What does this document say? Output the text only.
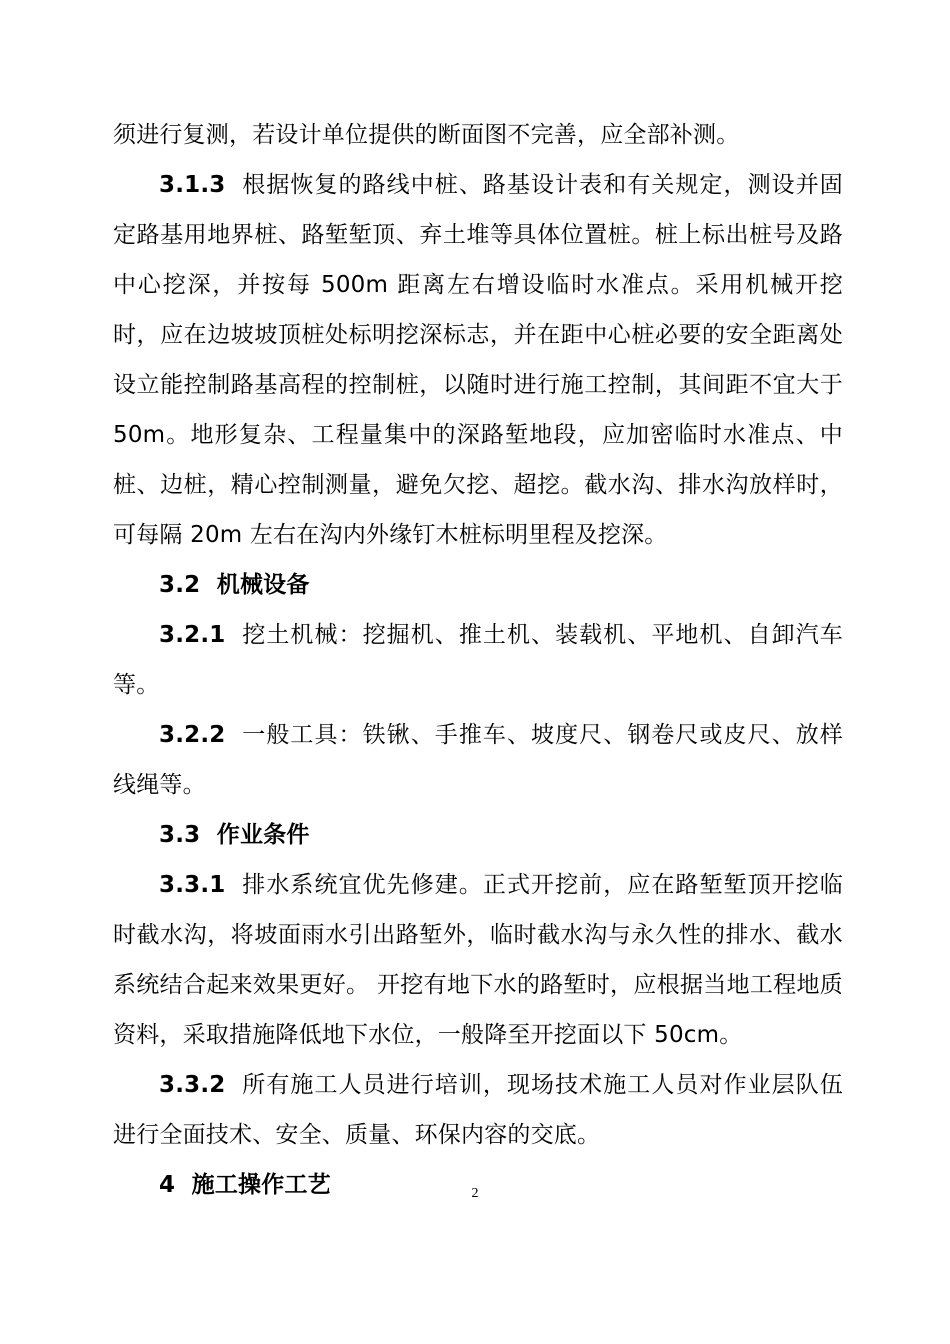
须进行复测，若设计单位提供的断面图不完善，应全部补测。

3.1.3 根据恢复的路线中桩、路基设计表和有关规定，测设并固定路基用地界桩、路堑堑顶、弃土堆等具体位置桩。桩上标出桩号及路中心挖深，并按每 500m 距离左右增设临时水准点。采用机械开挖时，应在边坡坡顶桩处标明挖深标志，并在距中心桩必要的安全距离处设立能控制路基高程的控制桩，以随时进行施工控制，其间距不宜大于 50m。地形复杂、工程量集中的深路堑地段，应加密临时水准点、中桩、边桩，精心控制测量，避免欠挖、超挖。截水沟、排水沟放样时，可每隔 20m 左右在沟内外缘钉木桩标明里程及挖深。

3.2 机械设备

3.2.1 挖土机械：挖掘机、推土机、装载机、平地机、自卸汽车等。

3.2.2 一般工具：铁锹、手推车、坡度尺、钢卷尺或皮尺、放样线绳等。

3.3 作业条件

3.3.1 排水系统宜优先修建。正式开挖前，应在路堑堑顶开挖临时截水沟，将坡面雨水引出路堑外，临时截水沟与永久性的排水、截水系统结合起来效果更好。 开挖有地下水的路堑时，应根据当地工程地质资料，采取措施降低地下水位，一般降至开挖面以下 50cm。

3.3.2 所有施工人员进行培训，现场技术施工人员对作业层队伍进行全面技术、安全、质量、环保内容的交底。

4 施工操作工艺	2
